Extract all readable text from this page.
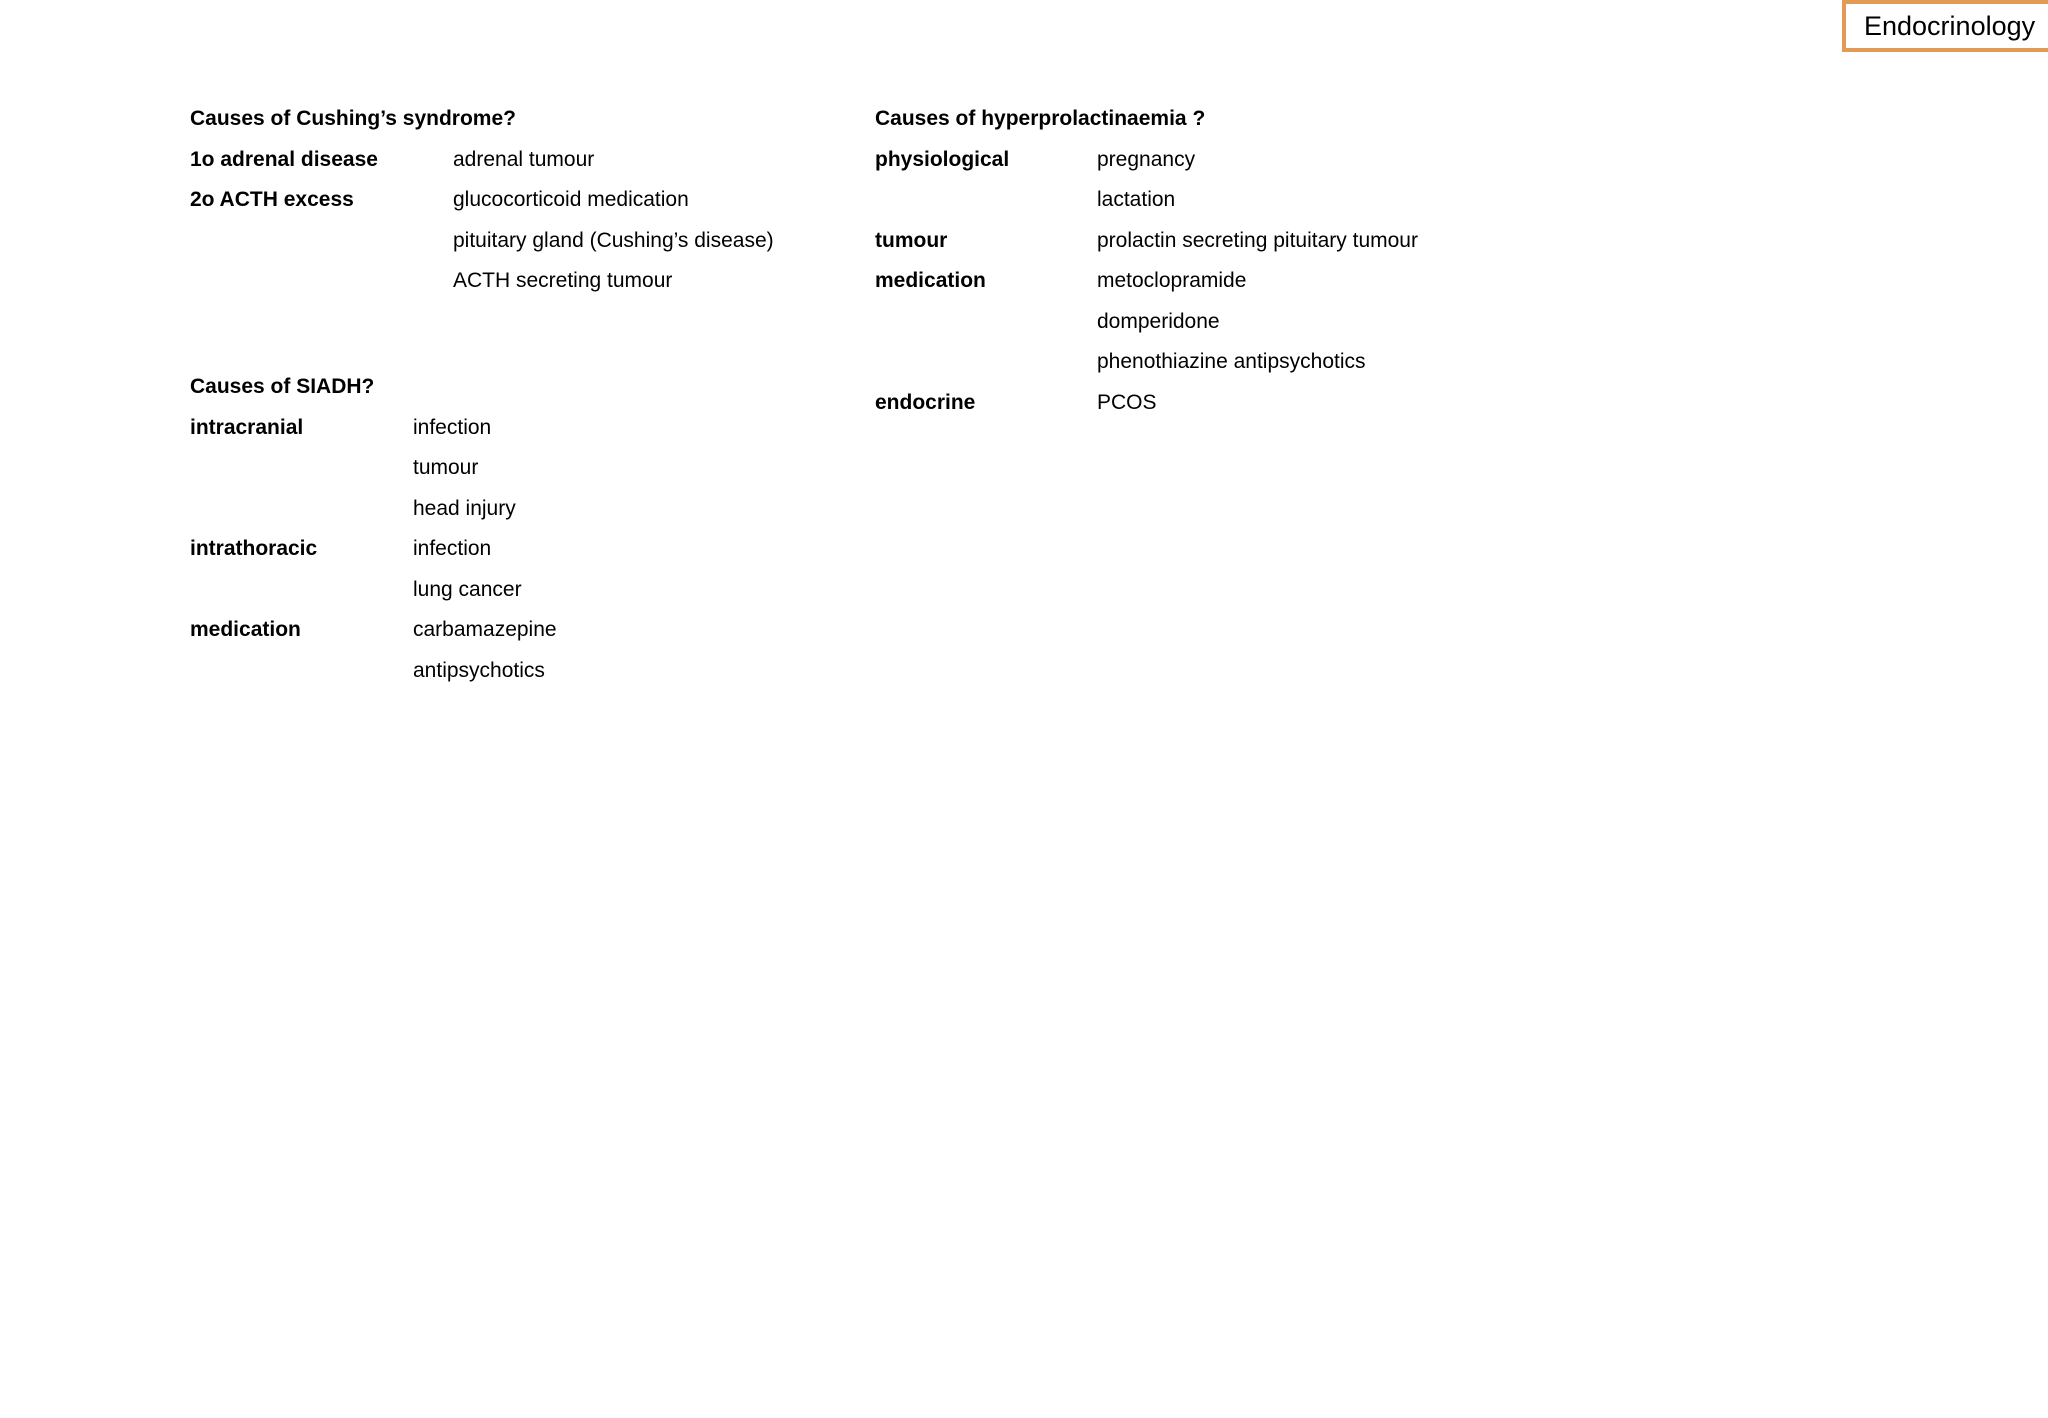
Endocrinology
Causes of Cushing’s syndrome?
1o adrenal disease	adrenal tumour
2o ACTH excess	glucocorticoid medication
pituitary gland (Cushing’s disease)
ACTH secreting tumour
Causes of SIADH?
intracranial	infection
tumour
head injury
intrathoracic	infection
lung cancer
medication	carbamazepine
antipsychotics
Causes of hyperprolactinaemia ?
physiological	pregnancy
lactation
tumour	prolactin secreting pituitary tumour
medication	metoclopramide
domperidone
phenothiazine antipsychotics
endocrine	PCOS
